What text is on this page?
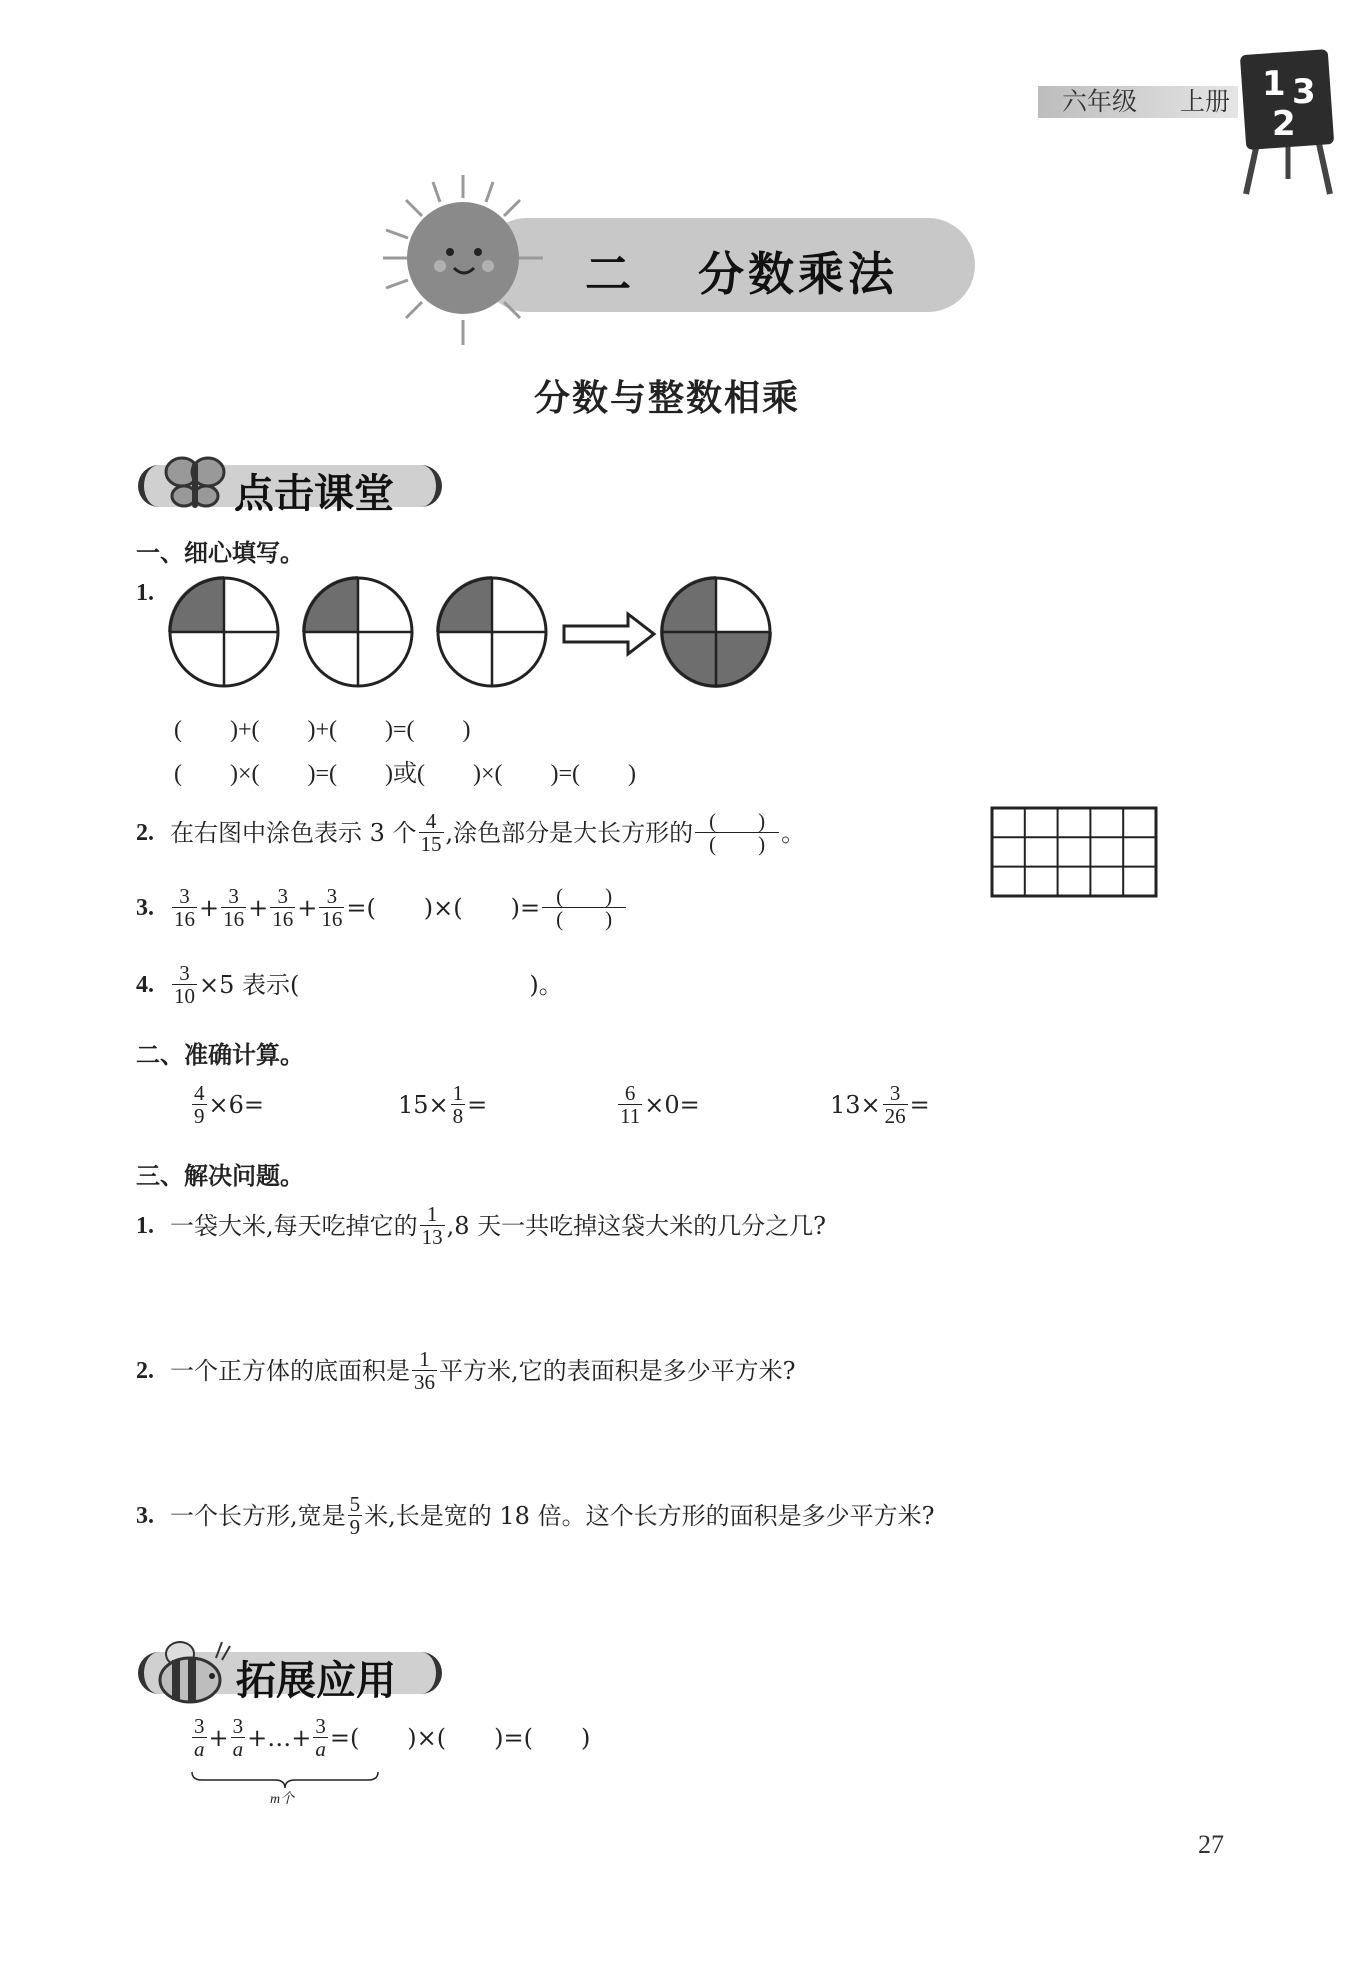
六年级 上册 1 3
2
二 分数乘法
分数与整数相乘
点击课堂
一、细心填写。
1.
(　　)+(　　)+(　　)=(　　)
(　　)×(　　)=(　　)或(　　)×(　　)=(　　)
2. 在右图中涂色表示 3 个 $\frac{4}{15}$ ,涂色部分是大长方形的 $\frac{( )}{( )}$ 。
3. $\frac{3}{16} + \frac{3}{16} + \frac{3}{16} + \frac{3}{16}$ =(　　)×(　　)= $\frac{( )}{( )}$
4. $\frac{3}{10} \times 5$ 表示(	)。
二、准确计算。
$\frac{4}{9} \times 6=$	$15\times \frac{1}{8}$ =	$\frac{6}{11} \times 0=$	$13\times \frac{3}{26}$ =
三、解决问题。
1. 一袋大米,每天吃掉它的 $\frac{1}{13} ,8$ 天一共吃掉这袋大米的几分之几?
2. 一个正方体的底面积是 $\frac{1}{36}$ 平方米,它的表面积是多少平方米?
3. 一个长方形,宽是 $\frac{5}{9}$ 米,长是宽的 18 倍。这个长方形的面积是多少平方米?
拓展应用
$\frac{3}{a} + \frac{3}{a}$ +…+ $\frac{3}{a}$ =(　　)×(　　)=(　　)
m个
27
